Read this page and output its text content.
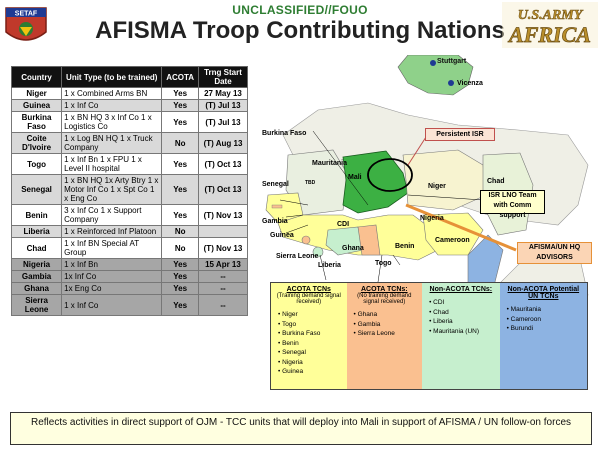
SETAF	UNCLASSIFIED//FOUO
AFISMA Troop Contributing Nations
U.S.ARMY
AFRICA
Country	Unit Type (to be trained)	ACOTA	Trng Start Date
Niger	1 x Combined Arms BN	Yes	27 May 13
Guinea	1 x Inf Co	Yes	(T) Jul 13
Burkina Faso	1 x BN HQ 3 x Inf Co 1 x Logistics Co	Yes	(T) Jul 13
Coite D'Ivoire	1 x Log BN HQ 1 x Truck Company	No	(T) Aug 13
Togo	1 x Inf Bn 1 x FPU 1 x Level II hospital	Yes	(T) Oct 13
Senegal	1 x BN HQ 1x Arty Btry 1 x Motor Inf Co 1 x Spt Co 1 x Eng Co	Yes	(T) Oct 13
Benin	3 x Inf Co 1 x Support Company	Yes	(T) Nov 13
Liberia	1 x Reinforced Inf Platoon	No	
Chad	1 x Inf BN Special AT Group	No	(T) Nov 13
Nigeria	1 x Inf Bn	Yes	15 Apr 13
Gambia	1x Inf Co	Yes	--
Ghana	1x Eng Co	Yes	--
Sierra Leone	1 x Inf Co	Yes	--
Stuttgart
Vicenza
Burkina Faso
Mauritania
Mali
Niger
Chad
Senegal	TBD
Gambia
Guinea
Sierra Leone
Liberia
CDI
Ghana
Togo
Benin
Nigeria
Cameroon
Persistent ISR
ISR LNO Team
with Comm support
AFISMA/UN HQ
ADVISORS
ACOTA TCNs
(Training demand signal received)
• Niger
• Togo
• Burkina Faso
• Benin
• Senegal
• Nigeria
• Guinea
ACOTA TCNs:
(No training demand signal received)
• Ghana
• Gambia
• Sierra Leone
Non-ACOTA TCNs:
• CDI
• Chad
• Liberia
• Mauritania (UN)
Non-ACOTA Potential UN TCNs
• Mauritania
• Cameroon
• Burundi
Reflects activities in direct support of OJM - TCC units that will deploy into Mali in support of AFISMA / UN follow-on forces
